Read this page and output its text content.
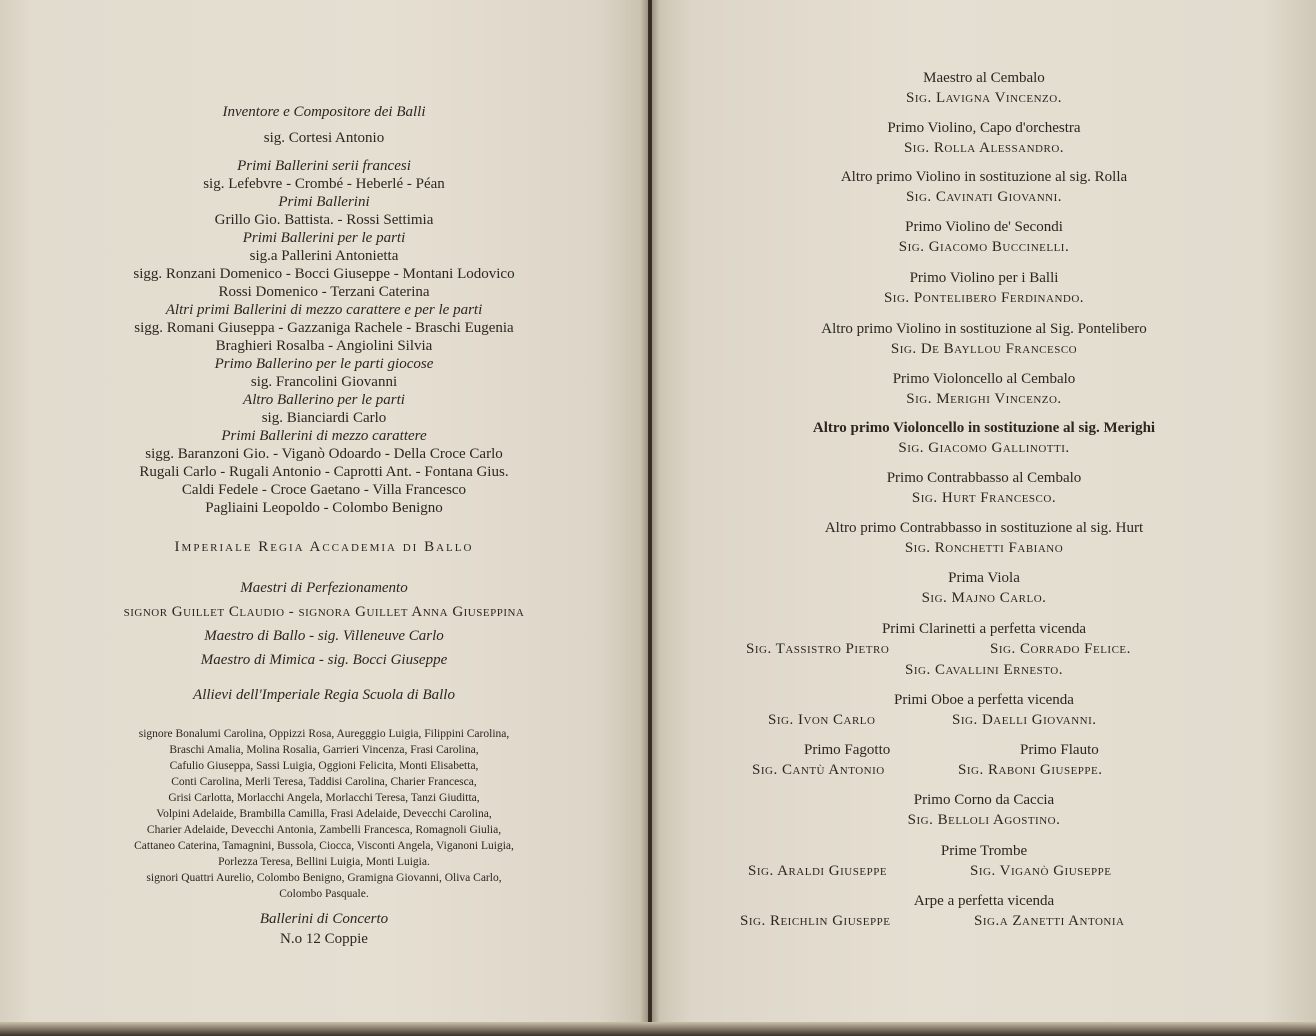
Inventore e Compositore dei Balli
sig. Cortesi Antonio
Primi Ballerini serii francesi
sig. Lefebvre - Crombé - Heberlé - Péan
Primi Ballerini
Grillo Gio. Battista. - Rossi Settimia
Primi Ballerini per le parti
sig.a Pallerini Antonietta
sigg. Ronzani Domenico - Bocci Giuseppe - Montani Lodovico
Rossi Domenico - Terzani Caterina
Altri primi Ballerini di mezzo carattere e per le parti
sigg. Romani Giuseppa - Gazzaniga Rachele - Braschi Eugenia
Braghieri Rosalba - Angiolini Silvia
Primo Ballerino per le parti giocose
sig. Francolini Giovanni
Altro Ballerino per le parti
sig. Bianciardi Carlo
Primi Ballerini di mezzo carattere
sigg. Baranzoni Gio. - Viganò Odoardo - Della Croce Carlo
Rugali Carlo - Rugali Antonio - Caprotti Ant. - Fontana Gius.
Caldi Fedele - Croce Gaetano - Villa Francesco
Pagliaini Leopoldo - Colombo Benigno
Imperiale Regia Accademia di Ballo
Maestri di Perfezionamento
signor Guillet Claudio - signora Guillet Anna Giuseppina
Maestro di Ballo - sig. Villeneuve Carlo
Maestro di Mimica - sig. Bocci Giuseppe
Allievi dell'Imperiale Regia Scuola di Ballo
signore Bonalumi Carolina, Oppizzi Rosa, Auregggio Luigia, Filippini Carolina,
Braschi Amalia, Molina Rosalia, Garrieri Vincenza, Frasi Carolina,
Cafulio Giuseppa, Sassi Luigia, Oggioni Felicita, Monti Elisabetta,
Conti Carolina, Merli Teresa, Taddisi Carolina, Charier Francesca,
Grisi Carlotta, Morlacchi Angela, Morlacchi Teresa, Tanzi Giuditta,
Volpini Adelaide, Brambilla Camilla, Frasi Adelaide, Devecchi Carolina,
Charier Adelaide, Devecchi Antonia, Zambelli Francesca, Romagnoli Giulia,
Cattaneo Caterina, Tamagnini, Bussola, Ciocca, Visconti Angela, Viganoni Luigia,
Porlezza Teresa, Bellini Luigia, Monti Luigia.
signori Quattri Aurelio, Colombo Benigno, Gramigna Giovanni, Oliva Carlo,
Colombo Pasquale.
Ballerini di Concerto
N.o 12 Coppie
Maestro al Cembalo
Sig. Lavigna Vincenzo.
Primo Violino, Capo d'orchestra
Sig. Rolla Alessandro.
Altro primo Violino in sostituzione al sig. Rolla
Sig. Cavinati Giovanni.
Primo Violino de' Secondi
Sig. Giacomo Buccinelli.
Primo Violino per i Balli
Sig. Pontelibero Ferdinando.
Altro primo Violino in sostituzione al Sig. Pontelibero
Sig. De Bayllou Francesco
Primo Violoncello al Cembalo
Sig. Merighi Vincenzo.
Altro primo Violoncello in sostituzione al sig. Merighi
Sig. Giacomo Gallinotti.
Primo Contrabbasso al Cembalo
Sig. Hurt Francesco.
Altro primo Contrabbasso in sostituzione al sig. Hurt
Sig. Ronchetti Fabiano
Prima Viola
Sig. Majno Carlo.
Primi Clarinetti a perfetta vicenda
Sig. Tassistro Pietro	Sig. Corrado Felice.
Sig. Cavallini Ernesto.
Primi Oboe a perfetta vicenda
Sig. Ivon Carlo	Sig. Daelli Giovanni.
Primo Fagotto	Primo Flauto
Sig. Cantù Antonio	Sig. Raboni Giuseppe.
Primo Corno da Caccia
Sig. Belloli Agostino.
Prime Trombe
Sig. Araldi Giuseppe	Sig. Viganò Giuseppe
Arpe a perfetta vicenda
Sig. Reichlin Giuseppe	Sig.a Zanetti Antonia
